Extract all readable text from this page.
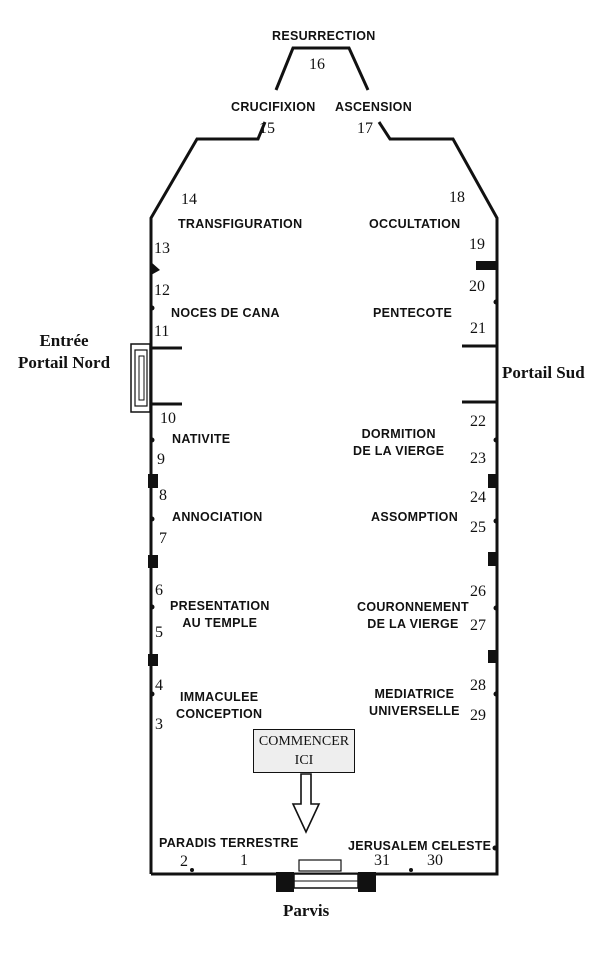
Entrée
Portail Nord
Portail Sud
Parvis
RESURRECTION
CRUCIFIXION ASCENSION
TRANSFIGURATION	OCCULTATION
NOCES DE CANA	PENTECOTE
NATIVITE	DORMITION
DE LA VIERGE
ANNOCIATION	ASSOMPTION
PRESENTATION
AU TEMPLE
COURONNEMENT
DE LA VIERGE
IMMACULEE
CONCEPTION
MEDIATRICE
UNIVERSELLE
PARADIS TERRESTRE	JERUSALEM CELESTE
1
2
3
4
5
6
7
8
9
10
11
12
13
14
15
16
17
18
19
20
21
22
23
24
25
26
27
28
29
30
31
COMMENCER
ICI
